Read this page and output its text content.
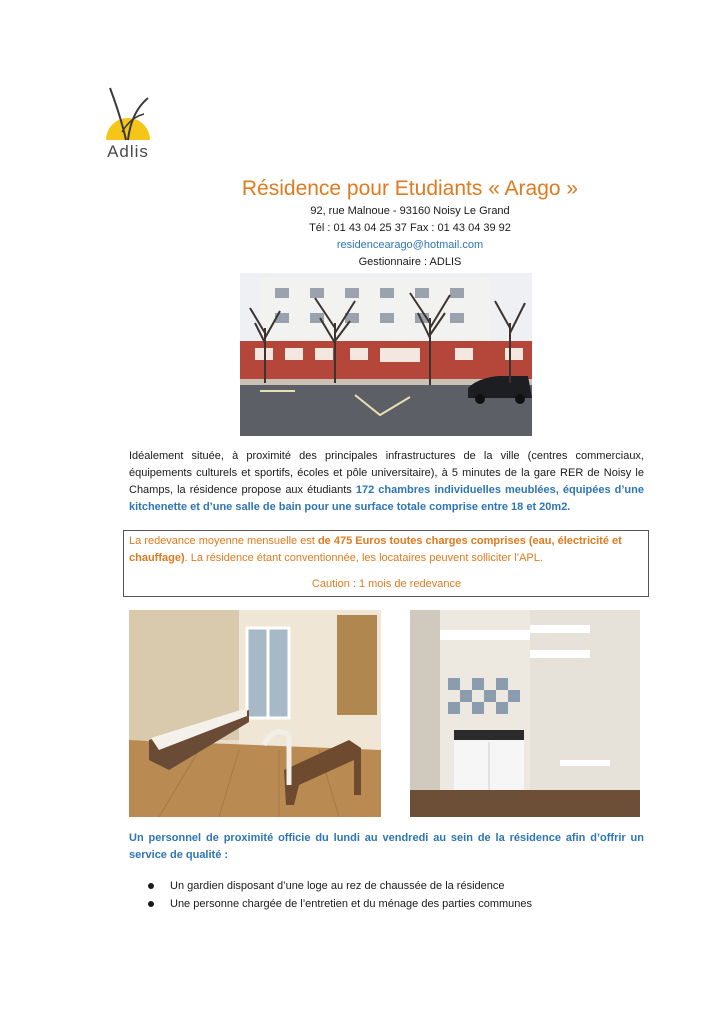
Adlis
Résidence pour Etudiants « Arago »
92, rue Malnoue - 93160 Noisy Le Grand
Tél : 01 43 04 25 37 Fax : 01 43 04 39 92
residencearago@hotmail.com
Gestionnaire : ADLIS
Idéalement située, à proximité des principales infrastructures de la ville (centres commerciaux, équipements culturels et sportifs, écoles et pôle universitaire), à 5 minutes de la gare RER de Noisy le Champs, la résidence propose aux étudiants 172 chambres individuelles meublées, équipées d’une kitchenette et d’une salle de bain pour une surface totale comprise entre 18 et 20m2.
La redevance moyenne mensuelle est de 475 Euros toutes charges comprises (eau, électricité et chauffage). La résidence étant conventionnée, les locataires peuvent solliciter l’APL.
Caution : 1 mois de redevance
Un personnel de proximité officie du lundi au vendredi au sein de la résidence afin d’offrir un service de qualité :
Un gardien disposant d’une loge au rez de chaussée de la résidence
Une personne chargée de l’entretien et du ménage des parties communes
